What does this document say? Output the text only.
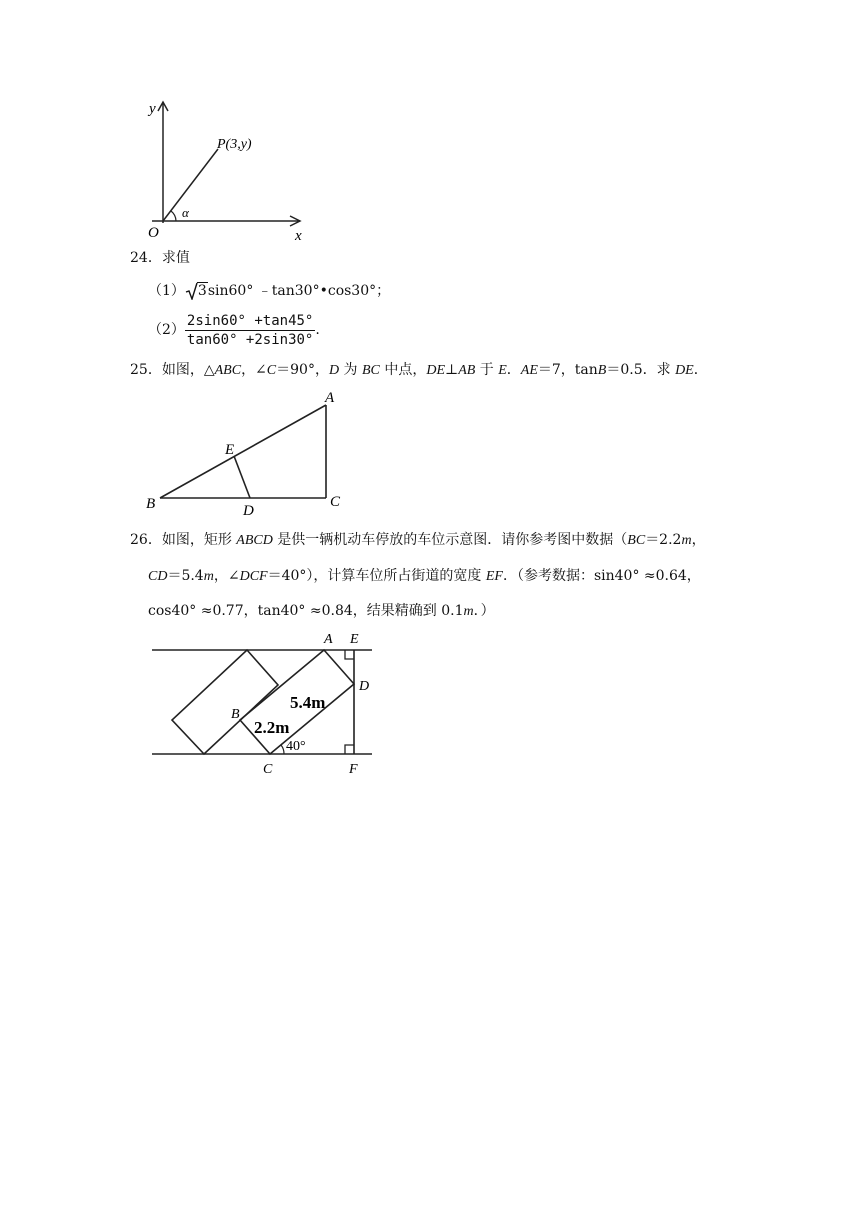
y
x
O
P(3,y)
α
24．求值
（1） 3sin60° ﹣tan30°•cos30°；
$(2) \frac{2\sin 60^\circ +\tan 45^\circ}{\tan 60^\circ +2\sin 30^\circ}$ .
25．如图，△ABC，∠C＝90°，D 为 BC 中点，DE⊥AB 于 E．AE＝7，tanB＝0.5．求 DE．
A
B	C
D
E
26．如图，矩形 ABCD 是供一辆机动车停放的车位示意图．请你参考图中数据（BC＝2.2m，
CD＝5.4m，∠DCF＝40°），计算车位所占街道的宽度 EF．（参考数据：sin40° ≈0.64，
cos40° ≈0.77，tan40° ≈0.84，结果精确到 0.1m．）
A E
D
B
C	F
5.4m
2.2m
40°
